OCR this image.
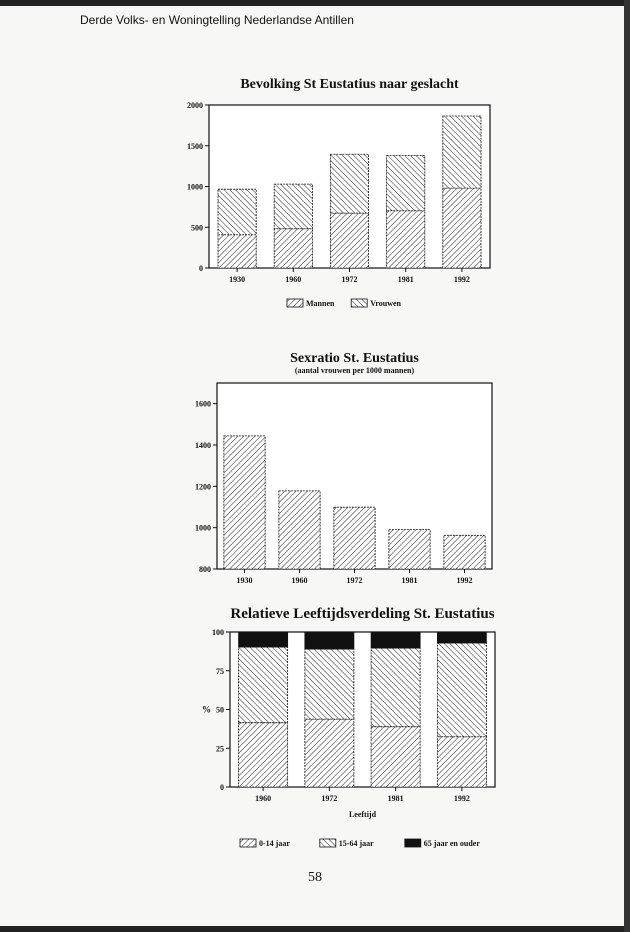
Derde Volks- en Woningtelling Nederlandse Antillen
Bevolking St Eustatius naar geslacht
0
500
1000
1500
2000
1930	1960	1972	1981	1992
Mannen	Vrouwen
Sexratio St. Eustatius
(aantal vrouwen per 1000 mannen)
800
1000
1200
1400
1600
1930	1960	1972	1981	1992
Relatieve Leeftijdsverdeling St. Eustatius
0
25
50
75
100
1960	1972	1981	1992
%
Leeftijd
0-14 jaar	15-64 jaar	65 jaar en ouder
58
